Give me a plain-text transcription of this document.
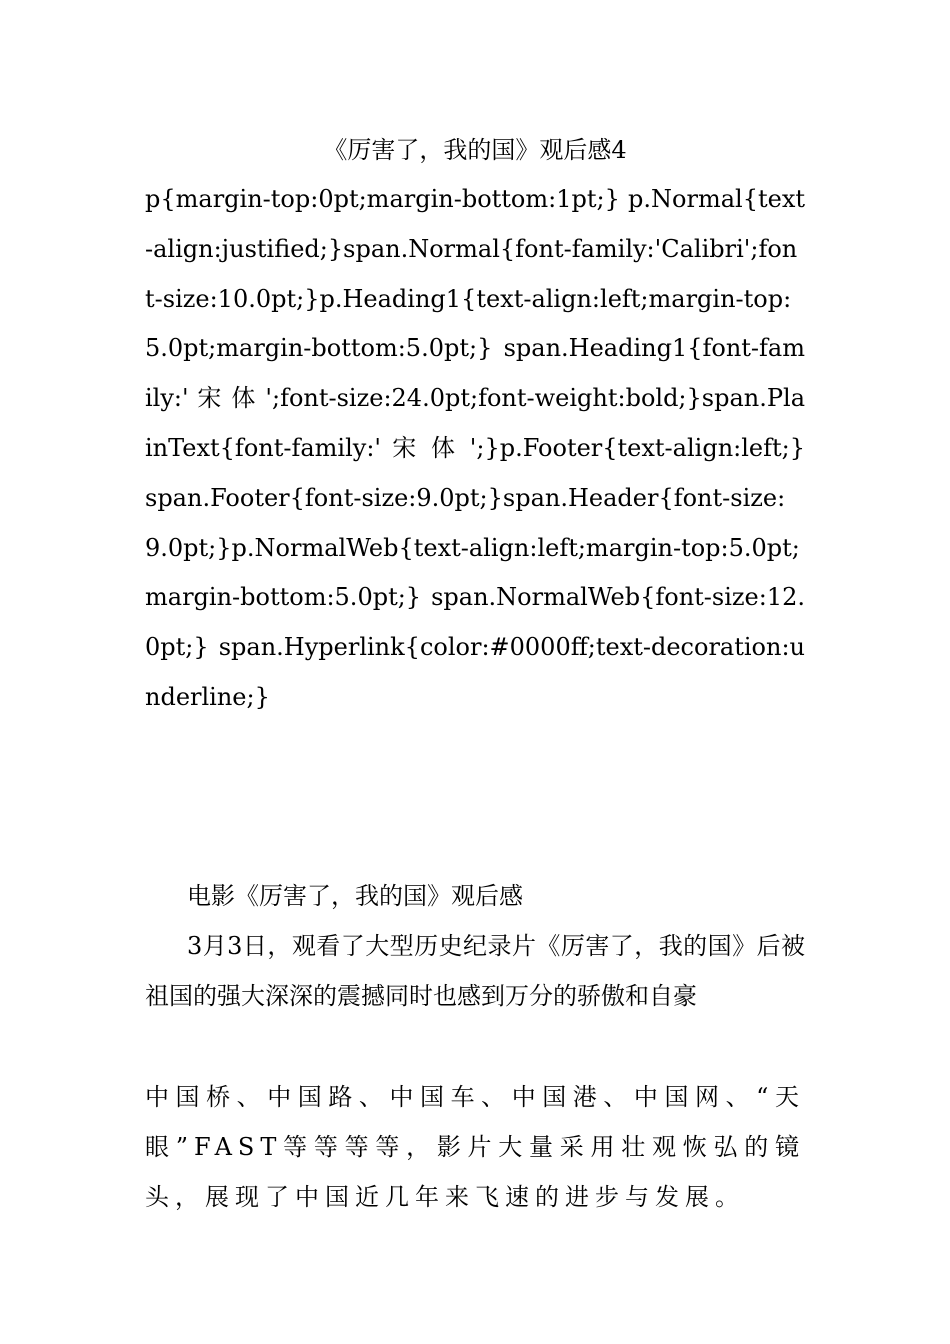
《厉害了，我的国》观后感4

p{margin-top:0pt;margin-bottom:1pt;} p.Normal{text-align:justified;}span.Normal{font-family:'Calibri';font-size:10.0pt;}p.Heading1{text-align:left;margin-top:5.0pt;margin-bottom:5.0pt;} span.Heading1{font-family:' 宋 体 ';font-size:24.0pt;font-weight:bold;}span.PlainText{font-family:' 宋 体 ';}p.Footer{text-align:left;} span.Footer{font-size:9.0pt;}span.Header{font-size:9.0pt;}p.NormalWeb{text-align:left;margin-top:5.0pt;margin-bottom:5.0pt;} span.NormalWeb{font-size:12.0pt;} span.Hyperlink{color:#0000ff;text-decoration:underline;}

电影《厉害了，我的国》观后感

3月3日，观看了大型历史纪录片《厉害了，我的国》后被祖国的强大深深的震撼同时也感到万分的骄傲和自豪

中国桥、中国路、中国车、中国港、中国网、“天眼”FAST等等等等，影片大量采用壮观恢弘的镜头，展现了中国近几年来飞速的进步与发展。
